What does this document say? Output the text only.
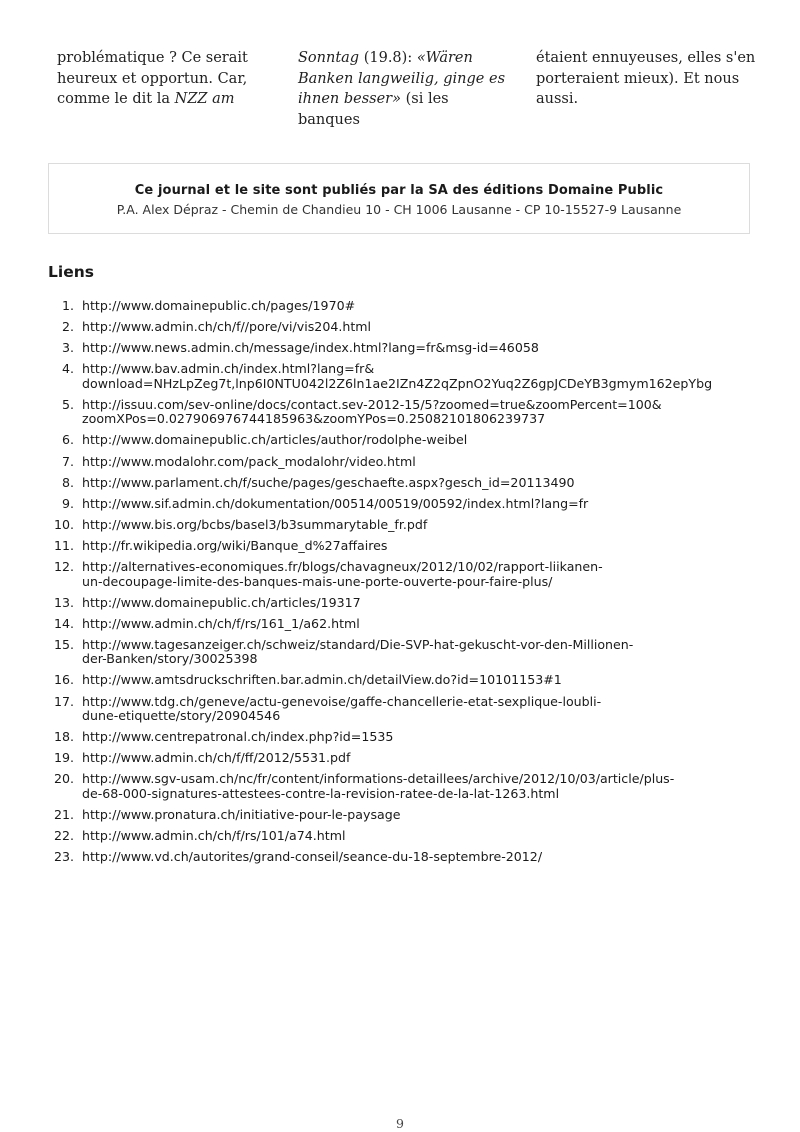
problématique ? Ce serait
heureux et opportun. Car,
comme le dit la NZZ am
Sonntag (19.8): «Wären
Banken langweilig, ginge es
ihnen besser» (si les banques
étaient ennuyeuses, elles s'en
porteraient mieux). Et nous
aussi.
Ce journal et le site sont publiés par la SA des éditions Domaine Public
P.A. Alex Dépraz - Chemin de Chandieu 10 - CH 1006 Lausanne - CP 10-15527-9 Lausanne
Liens
1. http://www.domainepublic.ch/pages/1970#
2. http://www.admin.ch/ch/f//pore/vi/vis204.html
3. http://www.news.admin.ch/message/index.html?lang=fr&msg-id=46058
4. http://www.bav.admin.ch/index.html?lang=fr&
download=NHzLpZeg7t,lnp6I0NTU042l2Z6ln1ae2IZn4Z2qZpnO2Yuq2Z6gpJCDeYB3gmym162epYbg
5. http://issuu.com/sev-online/docs/contact.sev-2012-15/5?zoomed=true&zoomPercent=100&
zoomXPos=0.027906976744185963&zoomYPos=0.25082101806239737
6. http://www.domainepublic.ch/articles/author/rodolphe-weibel
7. http://www.modalohr.com/pack_modalohr/video.html
8. http://www.parlament.ch/f/suche/pages/geschaefte.aspx?gesch_id=20113490
9. http://www.sif.admin.ch/dokumentation/00514/00519/00592/index.html?lang=fr
10. http://www.bis.org/bcbs/basel3/b3summarytable_fr.pdf
11. http://fr.wikipedia.org/wiki/Banque_d%27affaires
12. http://alternatives-economiques.fr/blogs/chavagneux/2012/10/02/rapport-liikanen-
un-decoupage-limite-des-banques-mais-une-porte-ouverte-pour-faire-plus/
13. http://www.domainepublic.ch/articles/19317
14. http://www.admin.ch/ch/f/rs/161_1/a62.html
15. http://www.tagesanzeiger.ch/schweiz/standard/Die-SVP-hat-gekuscht-vor-den-Millionen-
der-Banken/story/30025398
16. http://www.amtsdruckschriften.bar.admin.ch/detailView.do?id=10101153#1
17. http://www.tdg.ch/geneve/actu-genevoise/gaffe-chancellerie-etat-sexplique-loubli-
dune-etiquette/story/20904546
18. http://www.centrepatronal.ch/index.php?id=1535
19. http://www.admin.ch/ch/f/ff/2012/5531.pdf
20. http://www.sgv-usam.ch/nc/fr/content/informations-detaillees/archive/2012/10/03/article/plus-
de-68-000-signatures-attestees-contre-la-revision-ratee-de-la-lat-1263.html
21. http://www.pronatura.ch/initiative-pour-le-paysage
22. http://www.admin.ch/ch/f/rs/101/a74.html
23. http://www.vd.ch/autorites/grand-conseil/seance-du-18-septembre-2012/
9
